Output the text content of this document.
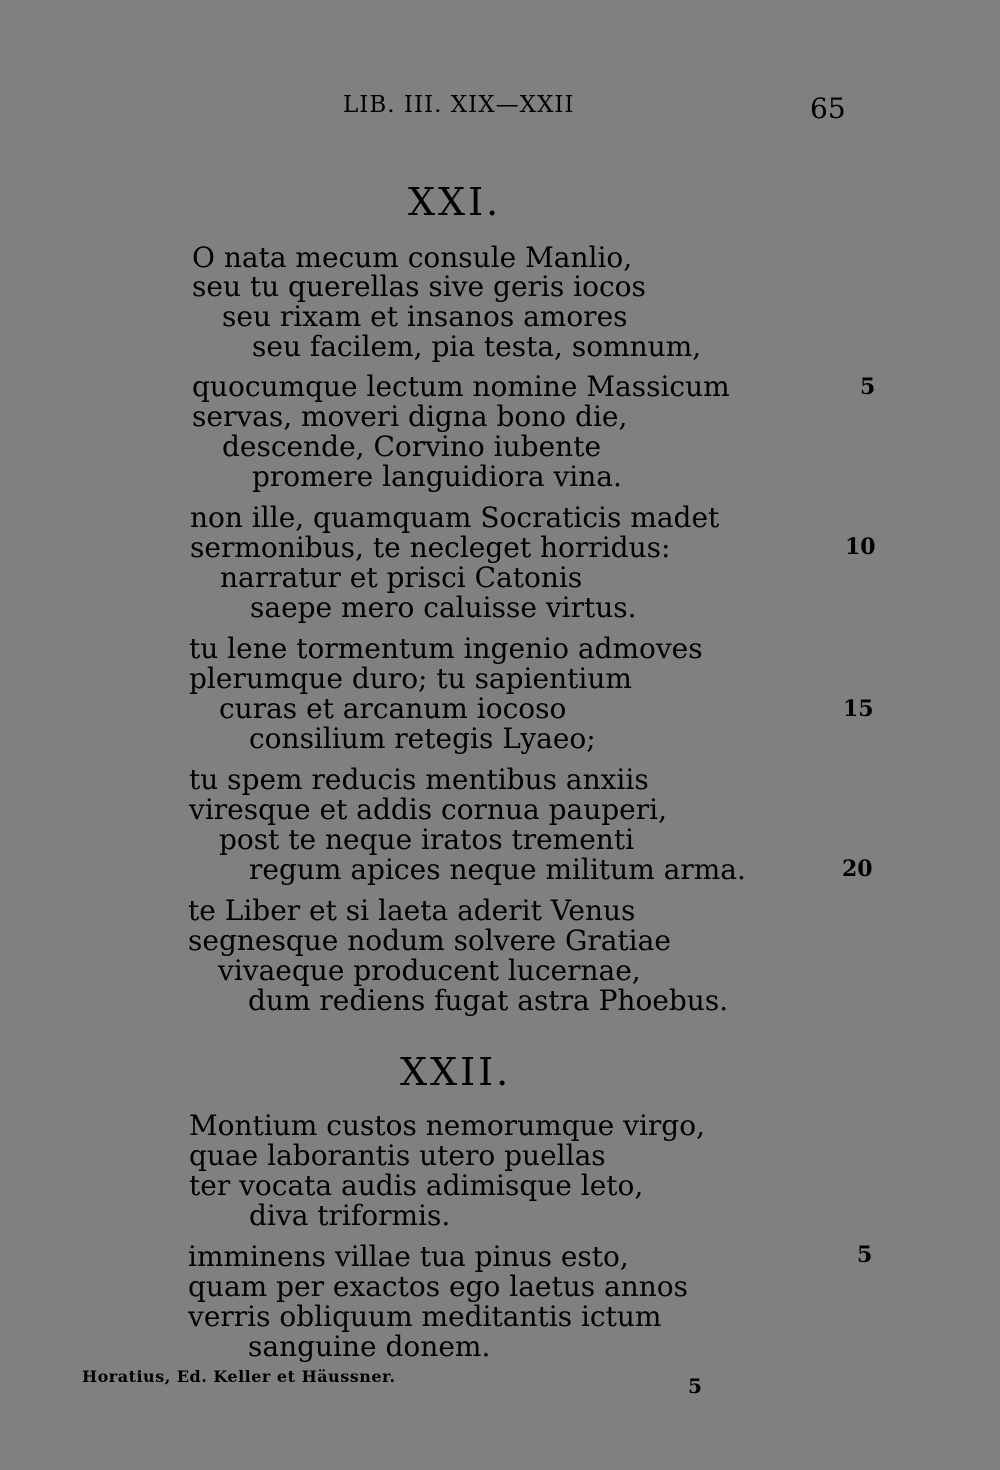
LIB. III. XIX—XXII	65
XXI.
O nata mecum consule Manlio,
seu tu querellas sive geris iocos
seu rixam et insanos amores
seu facilem, pia testa, somnum,
quocumque lectum nomine Massicum	5
servas, moveri digna bono die,
descende, Corvino iubente
promere languidiora vina.
non ille, quamquam Socraticis madet
sermonibus, te necleget horridus:	10
narratur et prisci Catonis
saepe mero caluisse virtus.
tu lene tormentum ingenio admoves
plerumque duro; tu sapientium
curas et arcanum iocoso	15
consilium retegis Lyaeo;
tu spem reducis mentibus anxiis
viresque et addis cornua pauperi,
post te neque iratos trementi
regum apices neque militum arma.	20
te Liber et si laeta aderit Venus
segnesque nodum solvere Gratiae
vivaeque producent lucernae,
dum rediens fugat astra Phoebus.
XXII.
Montium custos nemorumque virgo,
quae laborantis utero puellas
ter vocata audis adimisque leto,
diva triformis.
imminens villae tua pinus esto,	5
quam per exactos ego laetus annos
verris obliquum meditantis ictum
sanguine donem.
Horatius, Ed. Keller et Häussner.	5
